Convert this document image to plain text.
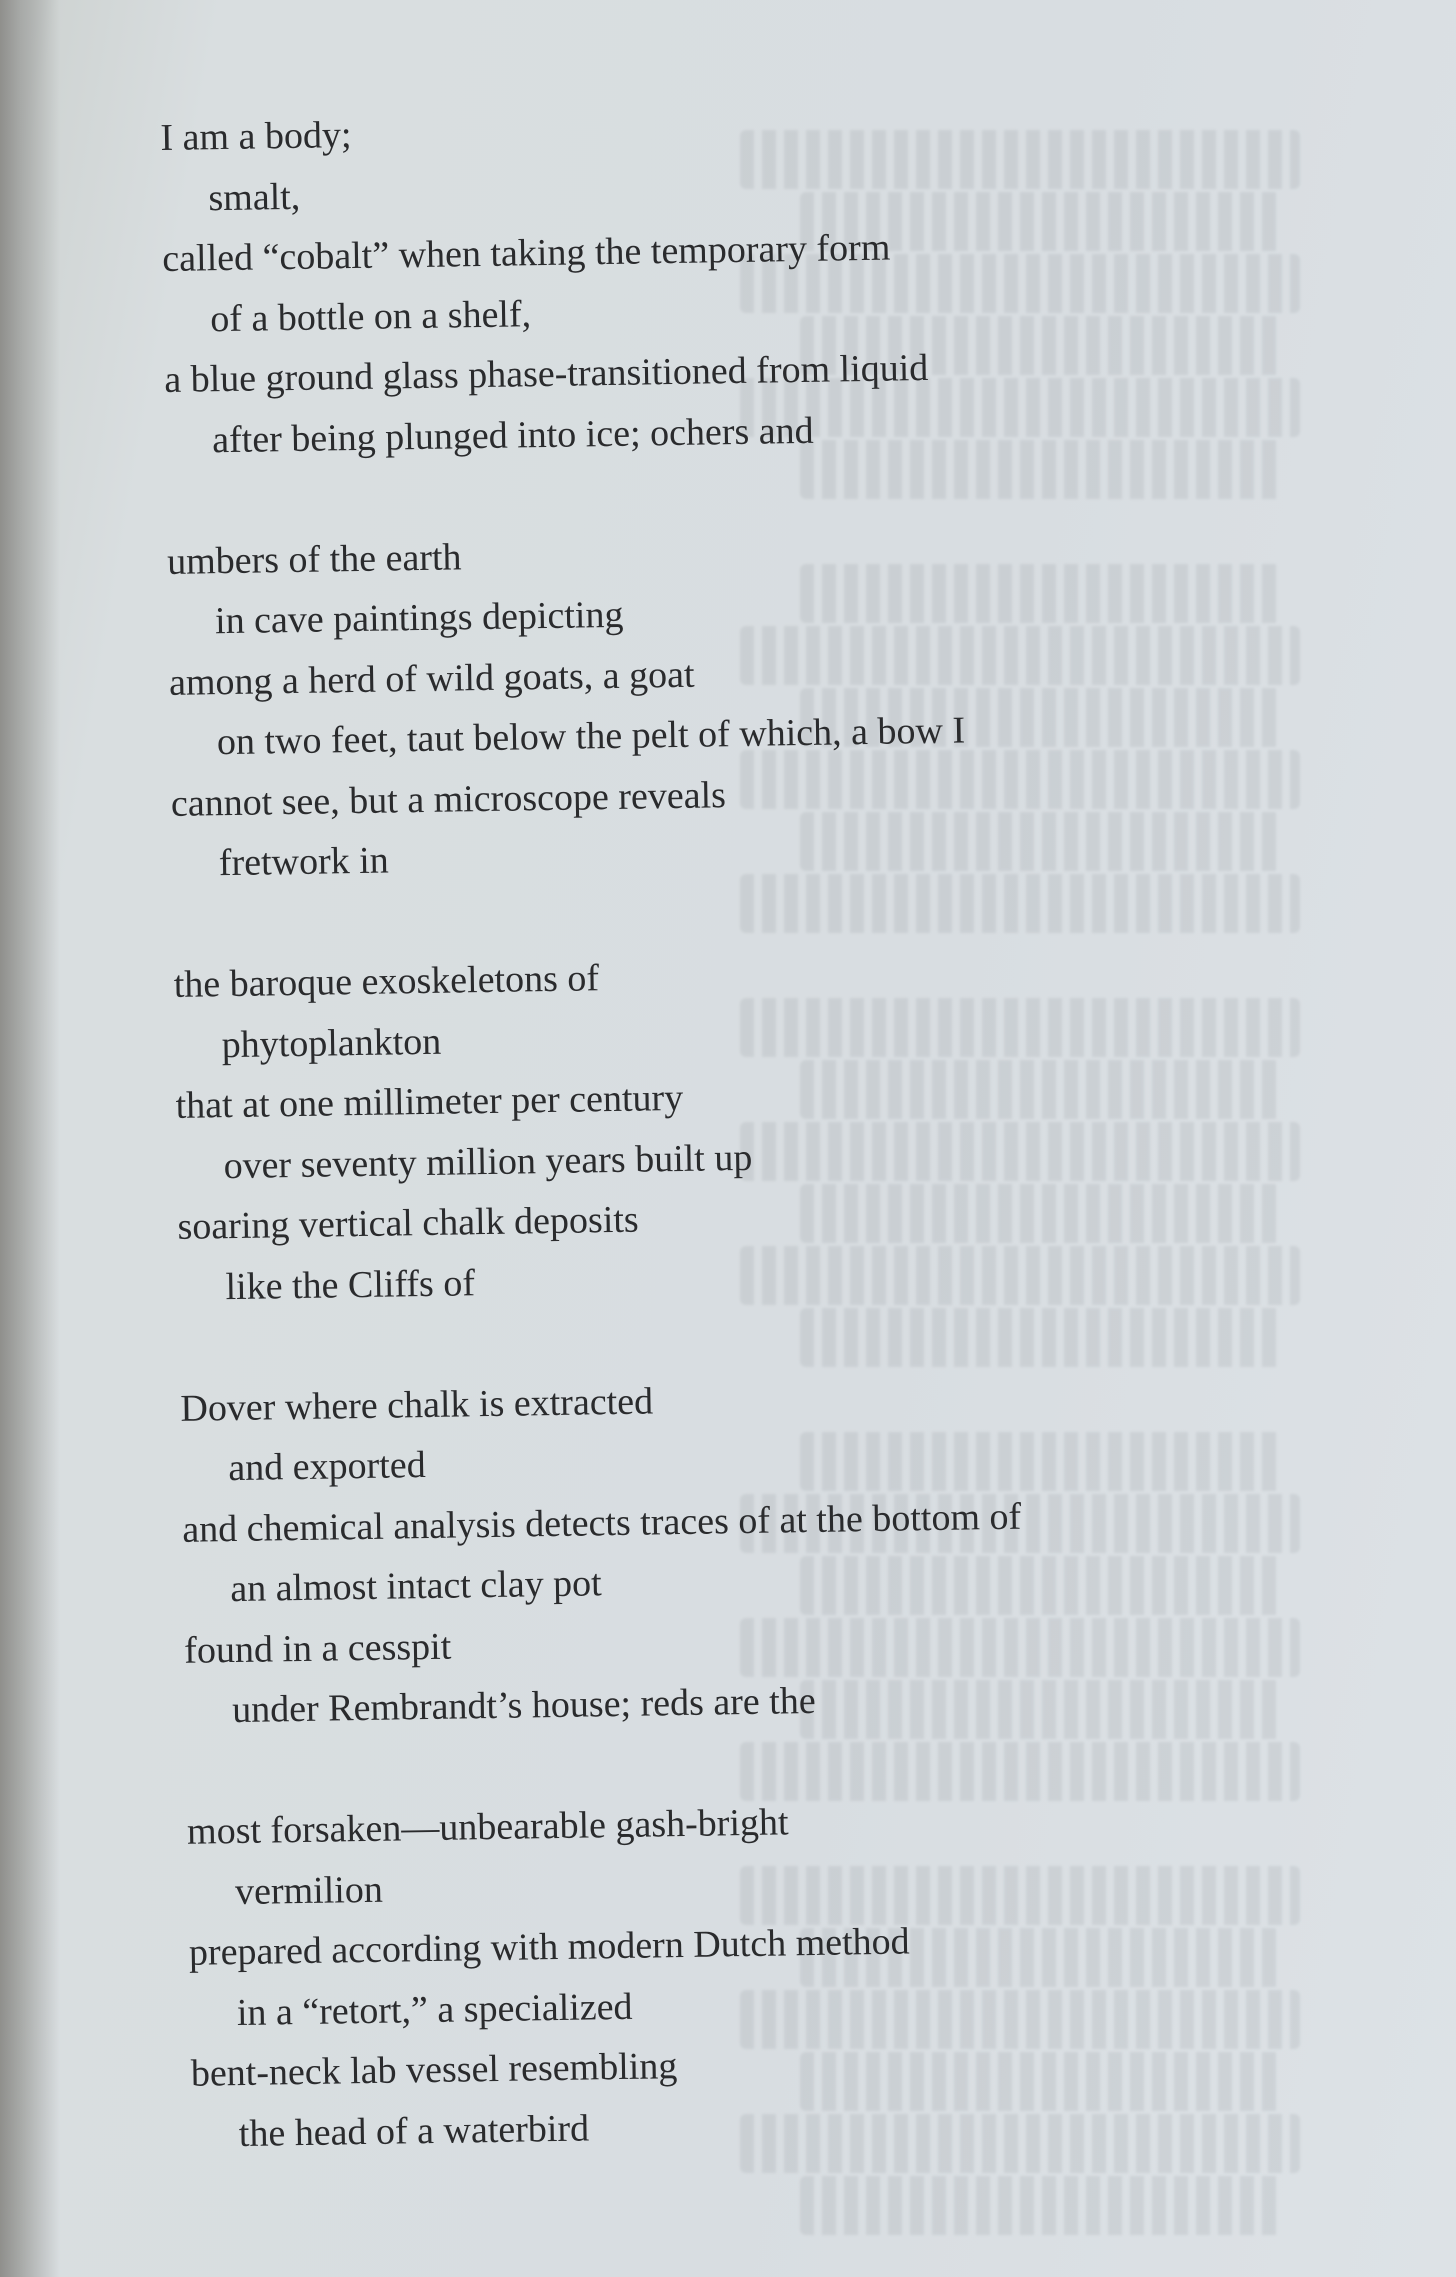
I am a body;
smalt,
called “cobalt” when taking the temporary form
of a bottle on a shelf,
a blue ground glass phase-transitioned from liquid
after being plunged into ice; ochers and
umbers of the earth
in cave paintings depicting
among a herd of wild goats, a goat
on two feet, taut below the pelt of which, a bow I
cannot see, but a microscope reveals
fretwork in
the baroque exoskeletons of
phytoplankton
that at one millimeter per century
over seventy million years built up
soaring vertical chalk deposits
like the Cliffs of
Dover where chalk is extracted
and exported
and chemical analysis detects traces of at the bottom of
an almost intact clay pot
found in a cesspit
under Rembrandt’s house; reds are the
most forsaken—unbearable gash-bright
vermilion
prepared according with modern Dutch method
in a “retort,” a specialized
bent-neck lab vessel resembling
the head of a waterbird
